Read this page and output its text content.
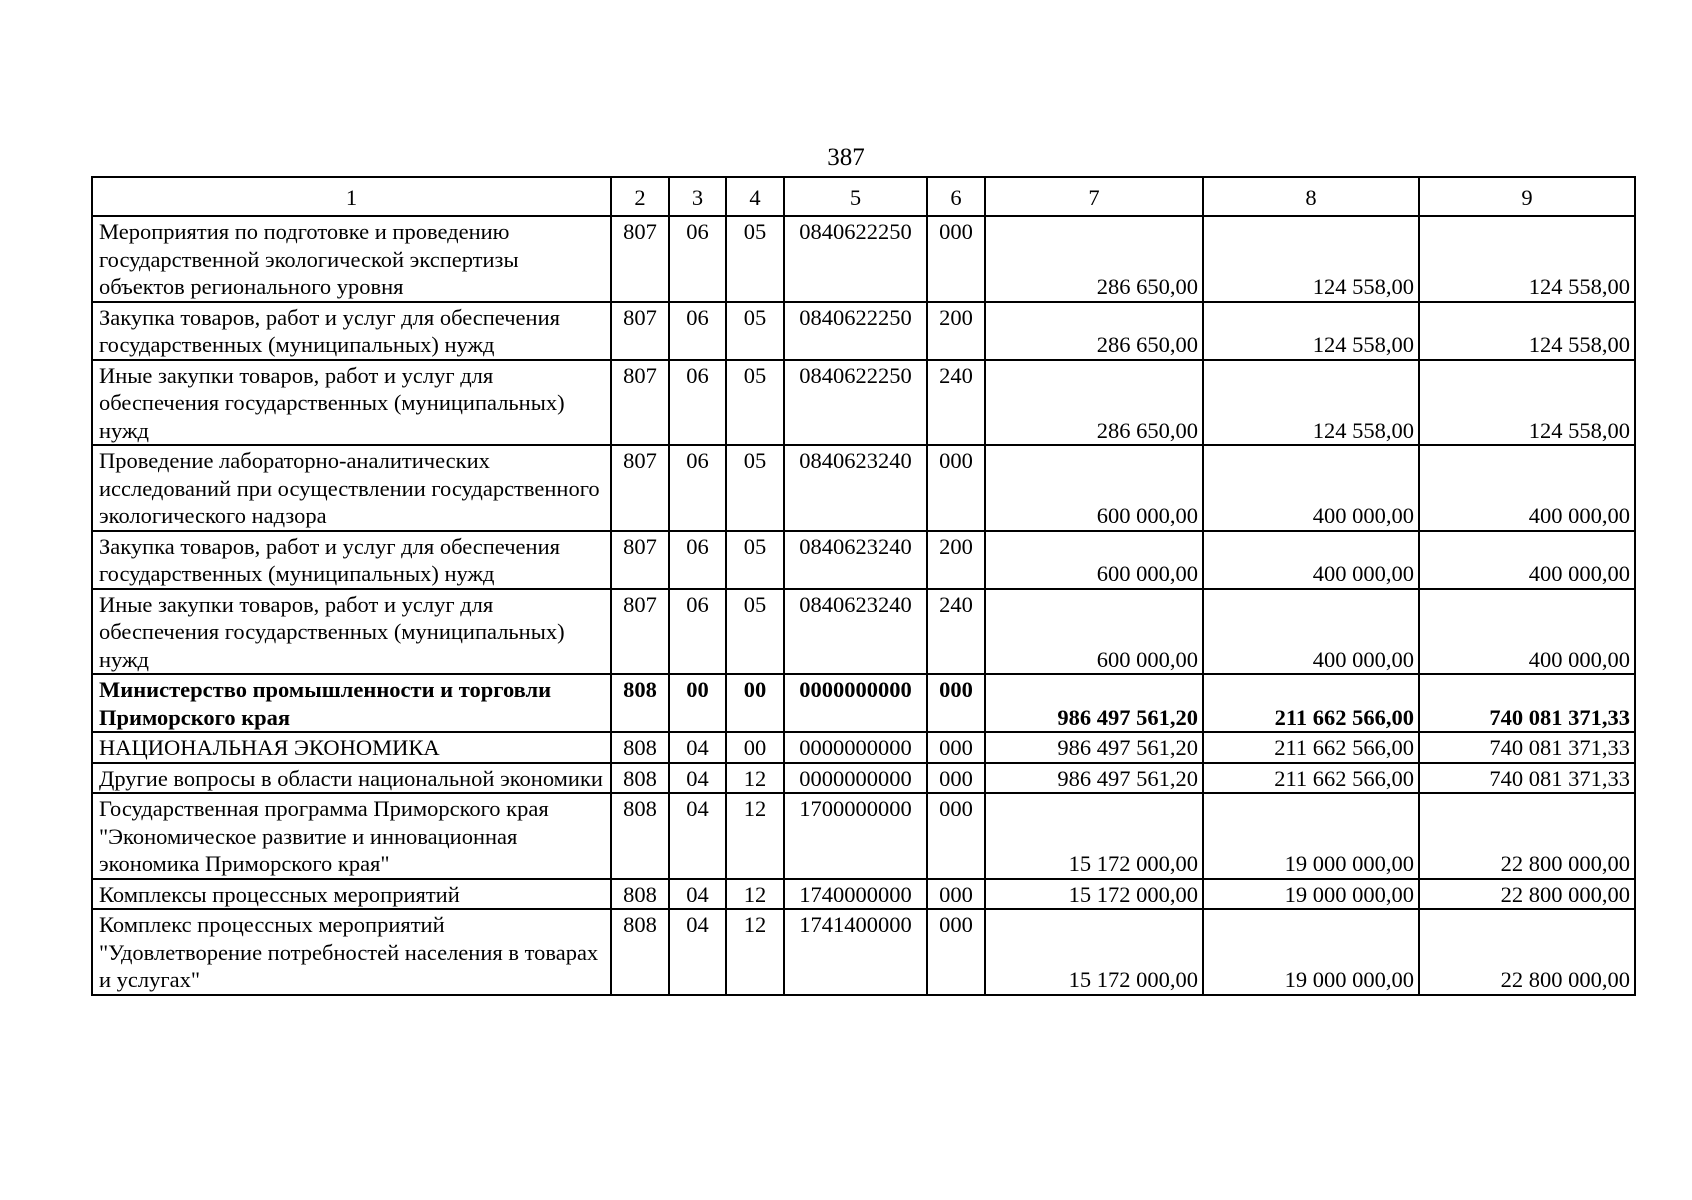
387
1	2	3	4	5	6	7	8	9
Мероприятия по подготовке и проведению государственной экологической экспертизы объектов регионального уровня	807	06	05	0840622250	000	286 650,00	124 558,00	124 558,00
Закупка товаров, работ и услуг для обеспечения государственных (муниципальных) нужд	807	06	05	0840622250	200	286 650,00	124 558,00	124 558,00
Иные закупки товаров, работ и услуг для обеспечения государственных (муниципальных) нужд	807	06	05	0840622250	240	286 650,00	124 558,00	124 558,00
Проведение лабораторно-аналитических исследований при осуществлении государственного экологического надзора	807	06	05	0840623240	000	600 000,00	400 000,00	400 000,00
Закупка товаров, работ и услуг для обеспечения государственных (муниципальных) нужд	807	06	05	0840623240	200	600 000,00	400 000,00	400 000,00
Иные закупки товаров, работ и услуг для обеспечения государственных (муниципальных) нужд	807	06	05	0840623240	240	600 000,00	400 000,00	400 000,00
Министерство промышленности и торговли Приморского края	808	00	00	0000000000	000	986 497 561,20	211 662 566,00	740 081 371,33
НАЦИОНАЛЬНАЯ ЭКОНОМИКА	808	04	00	0000000000	000	986 497 561,20	211 662 566,00	740 081 371,33
Другие вопросы в области национальной экономики	808	04	12	0000000000	000	986 497 561,20	211 662 566,00	740 081 371,33
Государственная программа Приморского края "Экономическое развитие и инновационная экономика Приморского края"	808	04	12	1700000000	000	15 172 000,00	19 000 000,00	22 800 000,00
Комплексы процессных мероприятий	808	04	12	1740000000	000	15 172 000,00	19 000 000,00	22 800 000,00
Комплекс процессных мероприятий "Удовлетворение потребностей населения в товарах и услугах"	808	04	12	1741400000	000	15 172 000,00	19 000 000,00	22 800 000,00
